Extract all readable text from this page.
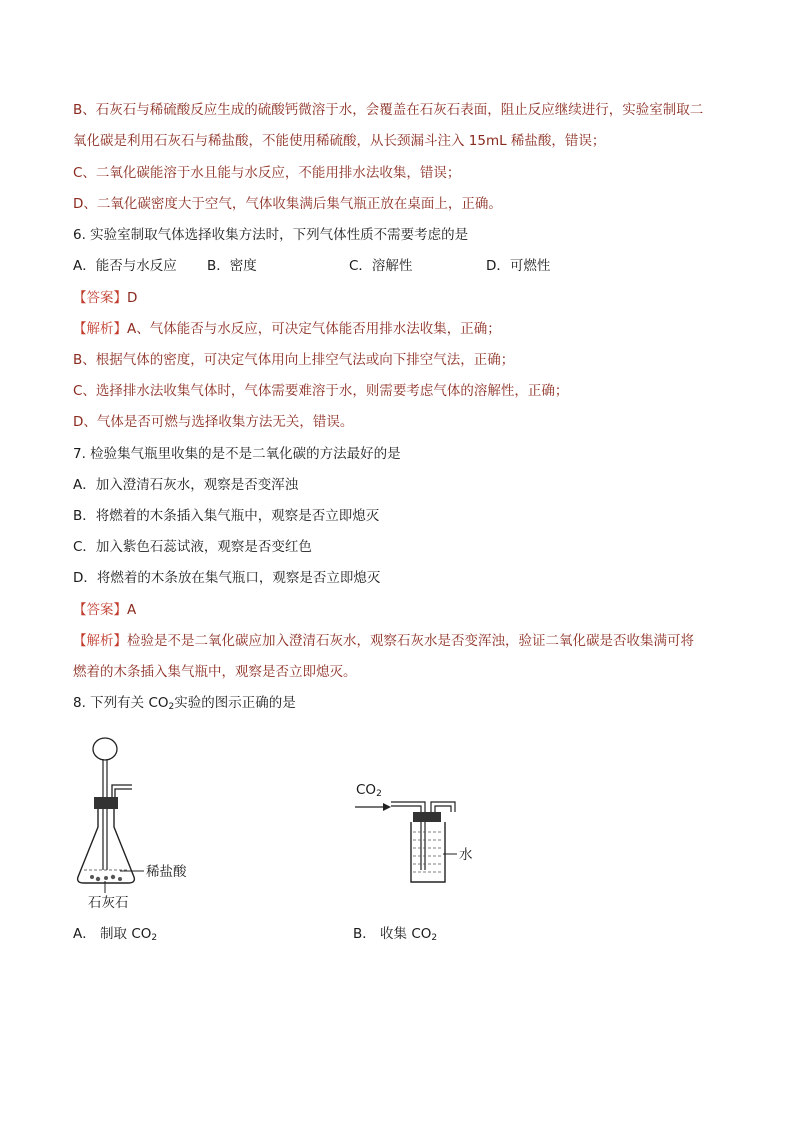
B、石灰石与稀硫酸反应生成的硫酸钙微溶于水，会覆盖在石灰石表面，阻止反应继续进行，实验室制取二
氧化碳是利用石灰石与稀盐酸，不能使用稀硫酸，从长颈漏斗注入 15mL 稀盐酸，错误；
C、二氧化碳能溶于水且能与水反应，不能用排水法收集，错误；
D、二氧化碳密度大于空气，气体收集满后集气瓶正放在桌面上，正确。
6. 实验室制取气体选择收集方法时，下列气体性质不需要考虑的是
A．能否与水反应 B．密度	C．溶解性	D．可燃性
【答案】D
【解析】A、气体能否与水反应，可决定气体能否用排水法收集，正确；
B、根据气体的密度，可决定气体用向上排空气法或向下排空气法，正确；
C、选择排水法收集气体时，气体需要难溶于水，则需要考虑气体的溶解性，正确；
D、气体是否可燃与选择收集方法无关，错误。
7. 检验集气瓶里收集的是不是二氧化碳的方法最好的是
A．加入澄清石灰水，观察是否变浑浊
B．将燃着的木条插入集气瓶中，观察是否立即熄灭
C．加入紫色石蕊试液，观察是否变红色
D．将燃着的木条放在集气瓶口，观察是否立即熄灭
【答案】A
【解析】检验是不是二氧化碳应加入澄清石灰水，观察石灰水是否变浑浊，验证二氧化碳是否收集满可将
燃着的木条插入集气瓶中，观察是否立即熄灭。
8. 下列有关 $CO_2$实验的图示正确的是
稀盐酸
石灰石
A． 制取 $CO_2$
$CO_2$
水
B． 收集 $CO_2$
